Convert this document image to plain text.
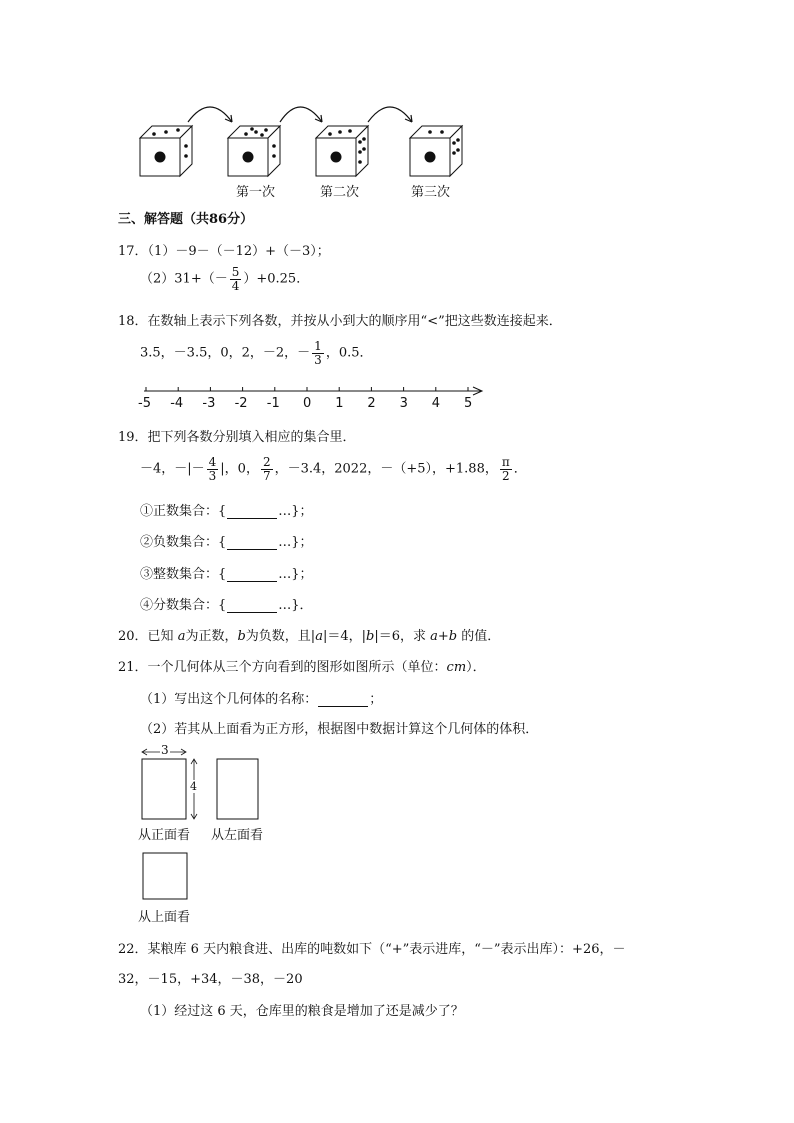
第一次	第二次	第三次
三、解答题（共86分）
17．（1）－9－（－12）+（－3）；
$(2)31+(- \frac{5}{4} )+0.25$．
18．在数轴上表示下列各数，并按从小到大的顺序用“<”把这些数连接起来．
3.5，－3.5，0，2，－2，－ $\frac{1}{3}$ ，0.5．
-5 -4 -3 -2 -1 0 1 2 3 4 5
19．把下列各数分别填入相应的集合里．
－4，－|－ $\frac{4}{3}$ |，0， $\frac{2}{7}$ ，－3.4，2022，－（+5），+1.88， $\frac{\pi}{2}$ ．
①正数集合：{	…}；
②负数集合：{	…}；
③整数集合：{	…}；
④分数集合：{	…}．
20．已知 a为正数，b为负数，且|a|＝4，|b|＝6，求 a+b 的值．
21．一个几何体从三个方向看到的图形如图所示（单位：cm）．
（1）写出这个几何体的名称：	；
（2）若其从上面看为正方形，根据图中数据计算这个几何体的体积．
3
4
从正面看 从左面看
从上面看
22．某粮库 6 天内粮食进、出库的吨数如下（“+”表示进库，“－”表示出库）：+26，－
32，－15，+34，－38，－20
（1）经过这 6 天，仓库里的粮食是增加了还是减少了？
